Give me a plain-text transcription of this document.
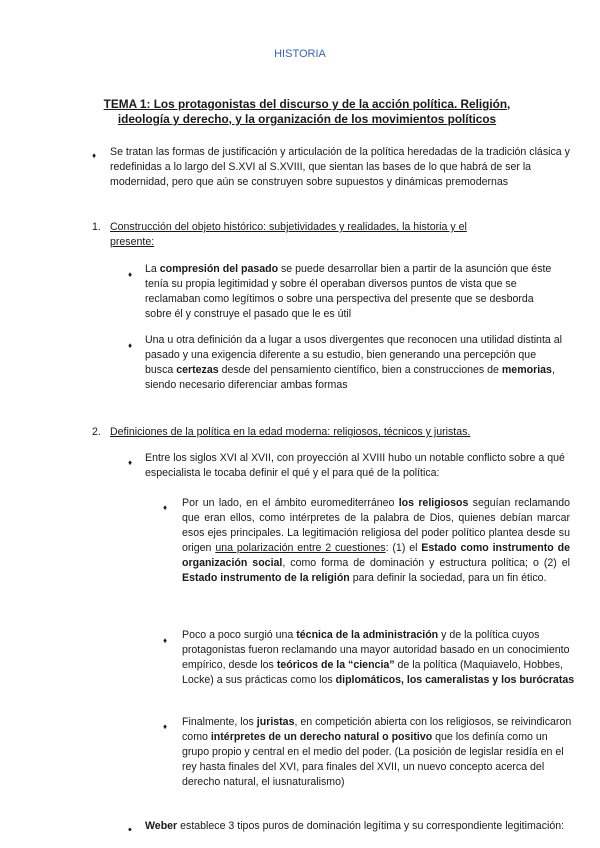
HISTORIA
TEMA 1: Los protagonistas del discurso y de la acción política. Religión, ideología y derecho, y la organización de los movimientos políticos
♦ Se tratan las formas de justificación y articulación de la política heredadas de la tradición clásica y redefinidas a lo largo del S.XVI al S.XVIII, que sientan las bases de lo que habrá de ser la modernidad, pero que aún se construyen sobre supuestos y dinámicas premodernas
1. Construcción del objeto histórico: subjetividades y realidades, la historia y el presente:
♦ La compresión del pasado se puede desarrollar bien a partir de la asunción que éste tenía su propia legitimidad y sobre él operaban diversos puntos de vista que se reclamaban como legítimos o sobre una perspectiva del presente que se desborda sobre él y construye el pasado que le es útil
♦ Una u otra definición da a lugar a usos divergentes que reconocen una utilidad distinta al pasado y una exigencia diferente a su estudio, bien generando una percepción que busca certezas desde del pensamiento científico, bien a construcciones de memorias, siendo necesario diferenciar ambas formas
2. Definiciones de la política en la edad moderna: religiosos, técnicos y juristas.
♦ Entre los siglos XVI al XVII, con proyección al XVIII hubo un notable conflicto sobre a qué especialista le tocaba definir el qué y el para qué de la política:
♦ Por un lado, en el ámbito euromediterráneo los religiosos seguían reclamando que eran ellos, como intérpretes de la palabra de Dios, quienes debían marcar esos ejes principales. La legitimación religiosa del poder político plantea desde su origen una polarización entre 2 cuestiones: (1) el Estado como instrumento de organización social, como forma de dominación y estructura política; o (2) el Estado instrumento de la religión para definir la sociedad, para un fin ético.
♦ Poco a poco surgió una técnica de la administración y de la política cuyos protagonistas fueron reclamando una mayor autoridad basado en un conocimiento empírico, desde los teóricos de la “ciencia” de la política (Maquiavelo, Hobbes, Locke) a sus prácticas como los diplomáticos, los cameralistas y los burócratas
♦ Finalmente, los juristas, en competición abierta con los religiosos, se reivindicaron como intérpretes de un derecho natural o positivo que los definía como un grupo propio y central en el medio del poder. (La posición de legislar residía en el rey hasta finales del XVI, para finales del XVII, un nuevo concepto acerca del derecho natural, el iusnaturalismo)
• Weber establece 3 tipos puros de dominación legítima y su correspondiente legitimación:
